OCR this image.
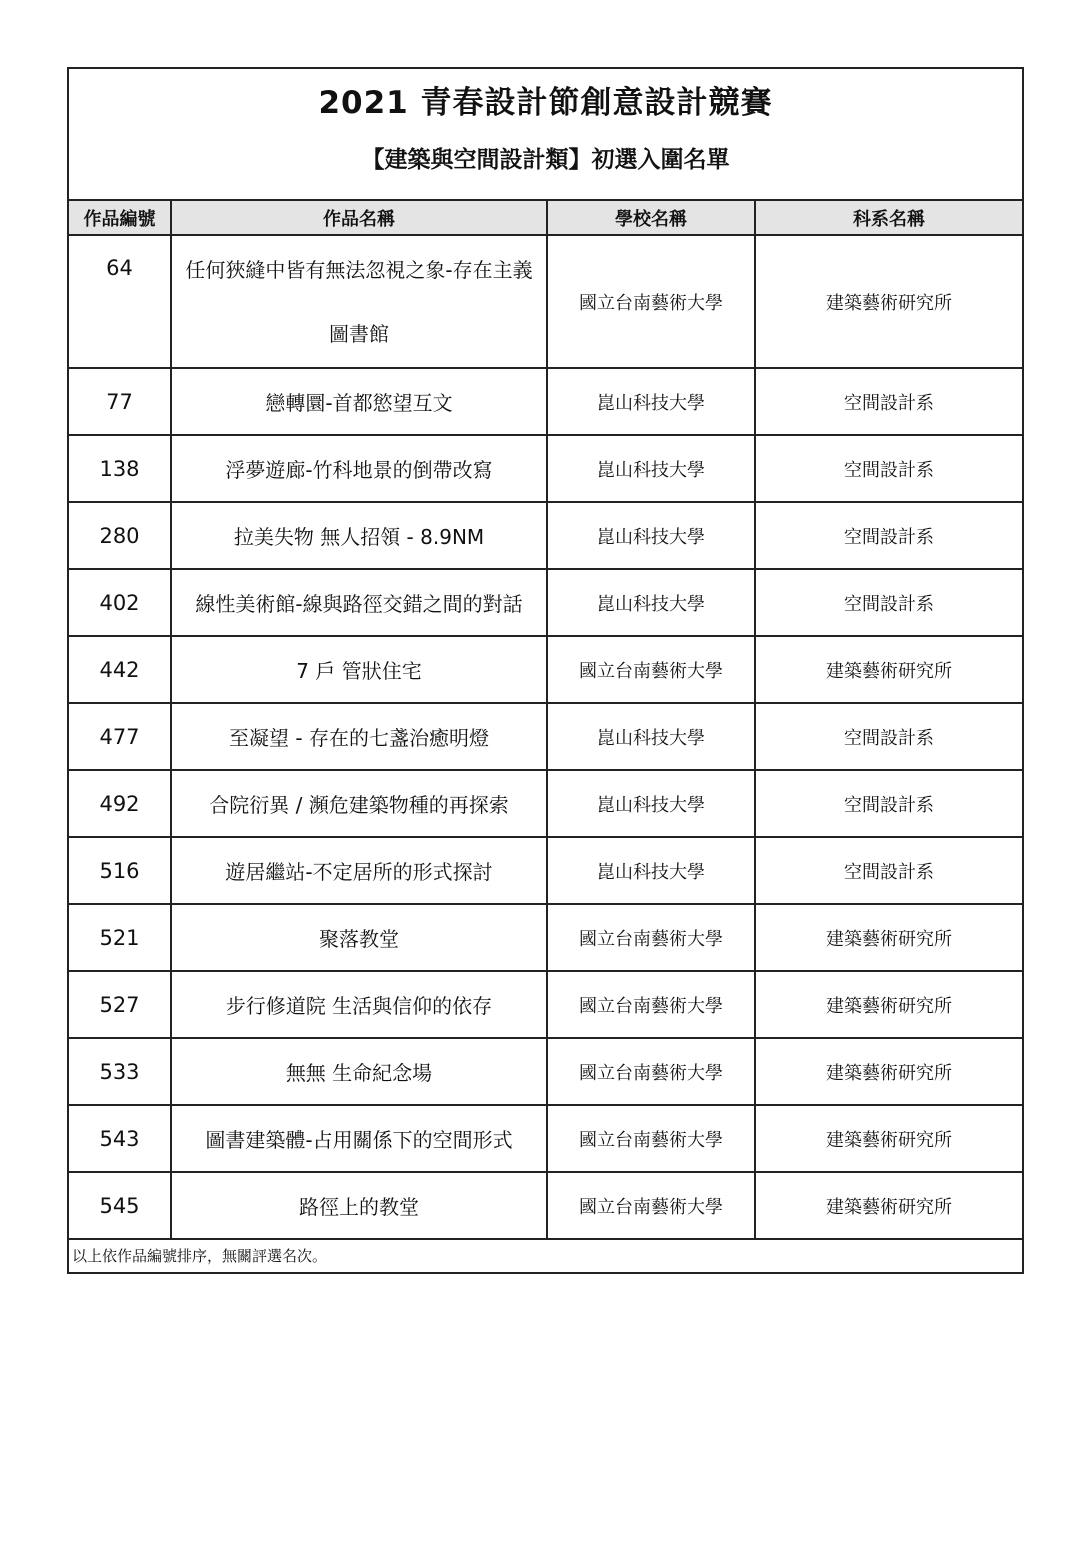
2021 青春設計節創意設計競賽
【建築與空間設計類】初選入圍名單
作品編號	作品名稱	學校名稱	科系名稱
64	任何狹縫中皆有無法忽視之象-存在主義圖書館	國立台南藝術大學	建築藝術研究所
77	戀轉圜-首都慾望互文	崑山科技大學	空間設計系
138	浮夢遊廊-竹科地景的倒帶改寫	崑山科技大學	空間設計系
280	拉美失物 無人招領 - 8.9NM	崑山科技大學	空間設計系
402	線性美術館-線與路徑交錯之間的對話	崑山科技大學	空間設計系
442	7 戶 管狀住宅	國立台南藝術大學	建築藝術研究所
477	至凝望 - 存在的七盞治癒明燈	崑山科技大學	空間設計系
492	合院衍異 / 瀕危建築物種的再探索	崑山科技大學	空間設計系
516	遊居繼站-不定居所的形式探討	崑山科技大學	空間設計系
521	聚落教堂	國立台南藝術大學	建築藝術研究所
527	步行修道院 生活與信仰的依存	國立台南藝術大學	建築藝術研究所
533	無無 生命紀念場	國立台南藝術大學	建築藝術研究所
543	圖書建築體-占用關係下的空間形式	國立台南藝術大學	建築藝術研究所
545	路徑上的教堂	國立台南藝術大學	建築藝術研究所
以上依作品編號排序，無關評選名次。
